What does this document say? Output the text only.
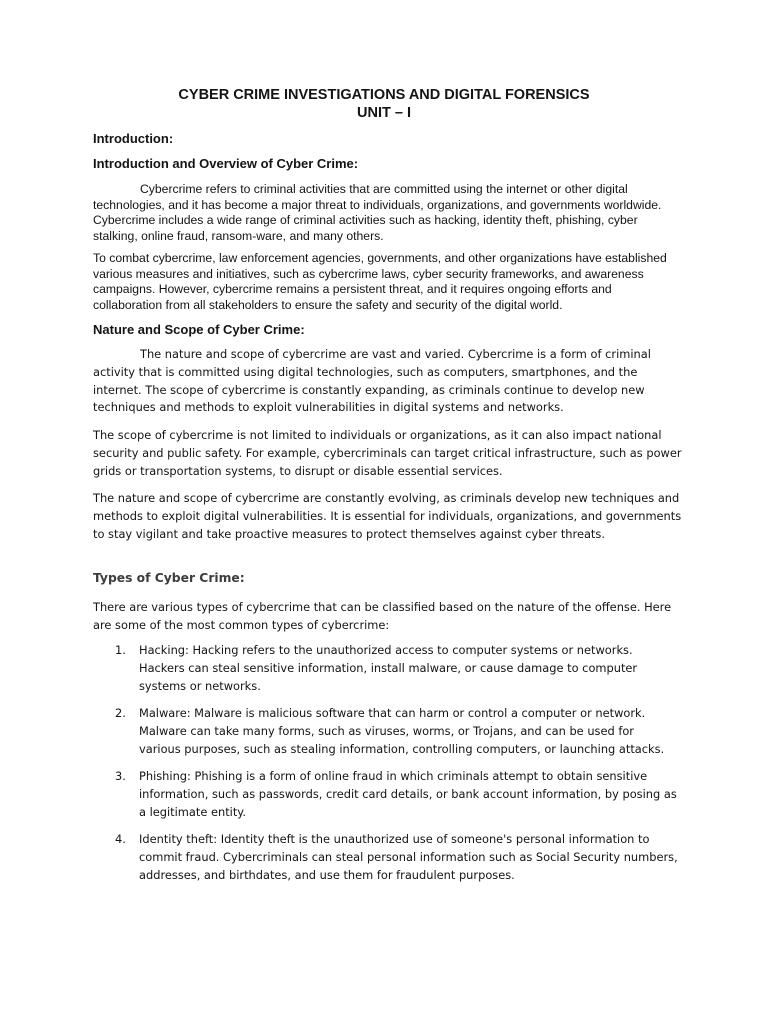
CYBER CRIME INVESTIGATIONS AND DIGITAL FORENSICS
UNIT – I
Introduction:
Introduction and Overview of Cyber Crime:

Cybercrime refers to criminal activities that are committed using the internet or other digital technologies, and it has become a major threat to individuals, organizations, and governments worldwide. Cybercrime includes a wide range of criminal activities such as hacking, identity theft, phishing, cyber stalking, online fraud, ransom-ware, and many others.

To combat cybercrime, law enforcement agencies, governments, and other organizations have established various measures and initiatives, such as cybercrime laws, cyber security frameworks, and awareness campaigns. However, cybercrime remains a persistent threat, and it requires ongoing efforts and collaboration from all stakeholders to ensure the safety and security of the digital world.

Nature and Scope of Cyber Crime:

The nature and scope of cybercrime are vast and varied. Cybercrime is a form of criminal activity that is committed using digital technologies, such as computers, smartphones, and the internet. The scope of cybercrime is constantly expanding, as criminals continue to develop new techniques and methods to exploit vulnerabilities in digital systems and networks.

The scope of cybercrime is not limited to individuals or organizations, as it can also impact national security and public safety. For example, cybercriminals can target critical infrastructure, such as power grids or transportation systems, to disrupt or disable essential services.

The nature and scope of cybercrime are constantly evolving, as criminals develop new techniques and methods to exploit digital vulnerabilities. It is essential for individuals, organizations, and governments to stay vigilant and take proactive measures to protect themselves against cyber threats.

Types of Cyber Crime:

There are various types of cybercrime that can be classified based on the nature of the offense. Here are some of the most common types of cybercrime:

1.	Hacking: Hacking refers to the unauthorized access to computer systems or networks. Hackers can steal sensitive information, install malware, or cause damage to computer systems or networks.

2.	Malware: Malware is malicious software that can harm or control a computer or network. Malware can take many forms, such as viruses, worms, or Trojans, and can be used for various purposes, such as stealing information, controlling computers, or launching attacks.

3.	Phishing: Phishing is a form of online fraud in which criminals attempt to obtain sensitive information, such as passwords, credit card details, or bank account information, by posing as a legitimate entity.

4.	Identity theft: Identity theft is the unauthorized use of someone's personal information to commit fraud. Cybercriminals can steal personal information such as Social Security numbers, addresses, and birthdates, and use them for fraudulent purposes.
